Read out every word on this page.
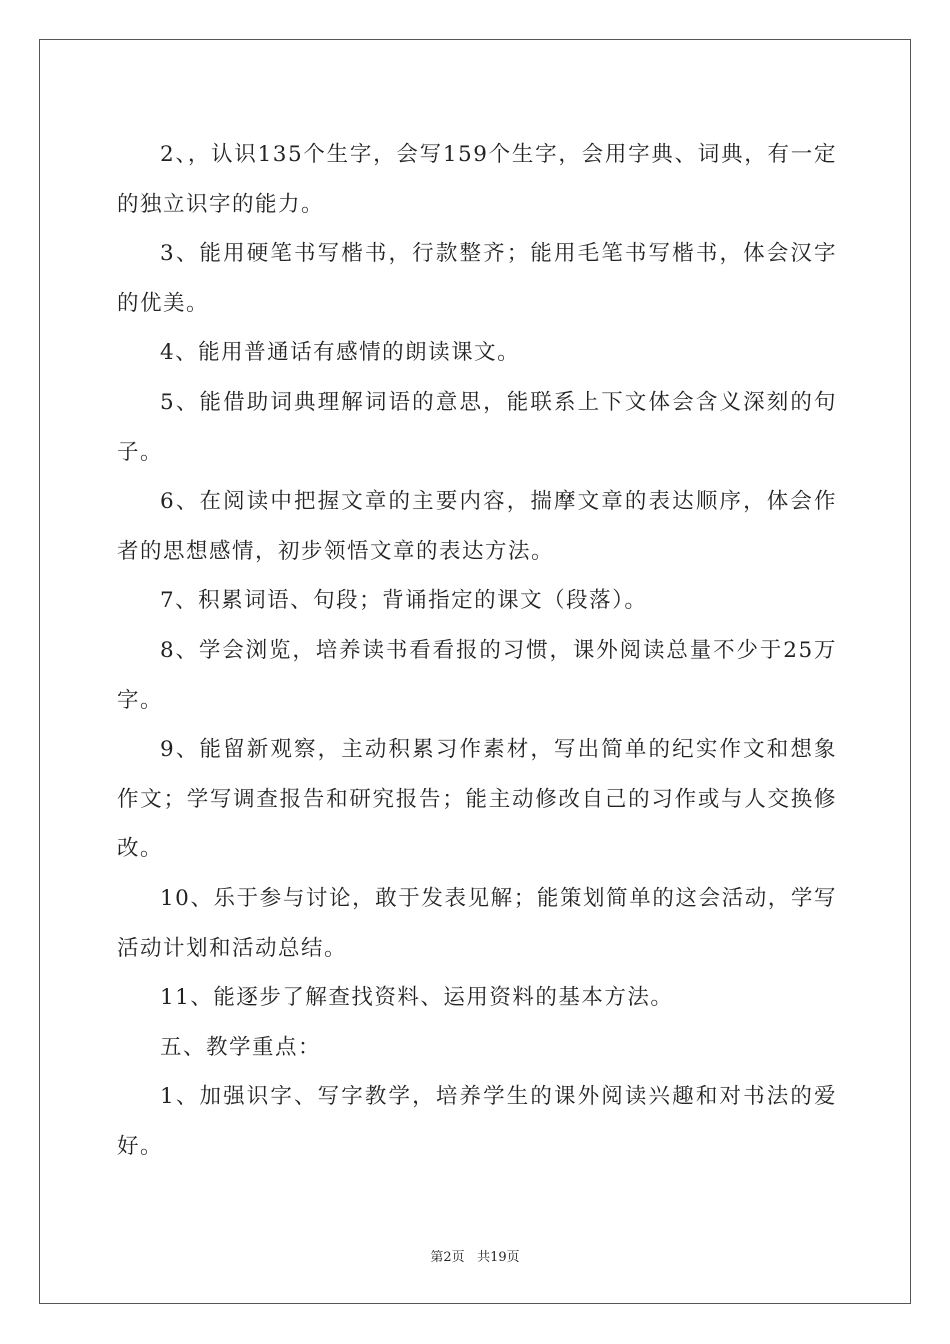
2、，认识135个生字，会写159个生字，会用字典、词典，有一定的独立识字的能力。

3、能用硬笔书写楷书，行款整齐；能用毛笔书写楷书，体会汉字的优美。

4、能用普通话有感情的朗读课文。

5、能借助词典理解词语的意思，能联系上下文体会含义深刻的句子。

6、在阅读中把握文章的主要内容，揣摩文章的表达顺序，体会作者的思想感情，初步领悟文章的表达方法。

7、积累词语、句段；背诵指定的课文（段落）。

8、学会浏览，培养读书看看报的习惯，课外阅读总量不少于25万字。

9、能留新观察，主动积累习作素材，写出简单的纪实作文和想象作文；学写调查报告和研究报告；能主动修改自己的习作或与人交换修改。

10、乐于参与讨论，敢于发表见解；能策划简单的这会活动，学写活动计划和活动总结。

11、能逐步了解查找资料、运用资料的基本方法。

五、教学重点：

1、加强识字、写字教学，培养学生的课外阅读兴趣和对书法的爱好。

第2页 共19页
